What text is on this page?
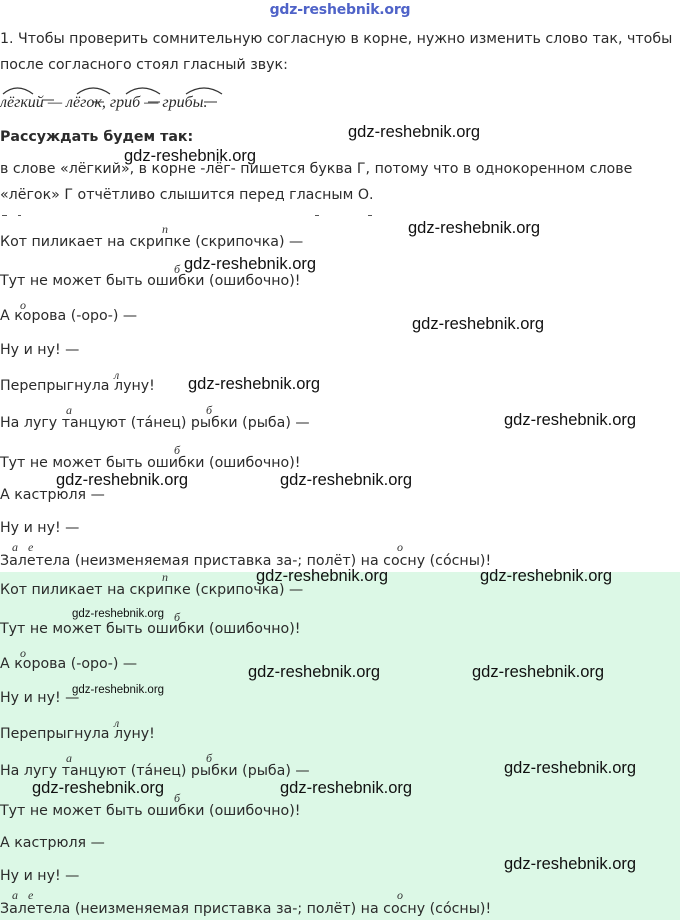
gdz-reshebnik.org
1. Чтобы проверить сомнительную согласную в корне, нужно изменить слово так, чтобы
после согласного стоял гласный звук:
лёгкий — лёгок, гриб — грибы.
Рассуждать будем так:
в слове «лёгкий», в корне -лёг- пишется буква Г, потому что в однокоренном слове
«лёгок» Г отчётливо слышится перед гласным О.
Кот пиликает на скрипке (скрипочка) —
Тут не может быть ошибки (ошибочно)!
А корова (-оро-) —
Ну и ну! —
Перепрыгнула луну!
На лугу танцуют (та́нец) рыбки (рыба) —
Тут не может быть ошибки (ошибочно)!
А кастрюля —
Ну и ну! —
Залетела (неизменяемая приставка за-; полёт) на сосну (со́сны)!
Кот пиликает на скрипке (скрипочка) —
Тут не может быть ошибки (ошибочно)!
А корова (-оро-) —
Ну и ну! —
Перепрыгнула луну!
На лугу танцуют (та́нец) рыбки (рыба) —
Тут не может быть ошибки (ошибочно)!
А кастрюля —
Ну и ну! —
Залетела (неизменяемая приставка за-; полёт) на сосну (со́сны)!
п
б
о
л
а	б
б
а е	о
п
б
о
л
а	б
б
а е	о
gdz-reshebnik.org
gdz-reshebnik.org
gdz-reshebnik.org
gdz-reshebnik.org
gdz-reshebnik.org
gdz-reshebnik.org
gdz-reshebnik.org
gdz-reshebnik.org	gdz-reshebnik.org
gdz-reshebnik.org	gdz-reshebnik.org
gdz-reshebnik.org
gdz-reshebnik.org	gdz-reshebnik.org
gdz-reshebnik.org
gdz-reshebnik.org
gdz-reshebnik.org	gdz-reshebnik.org
gdz-reshebnik.org
